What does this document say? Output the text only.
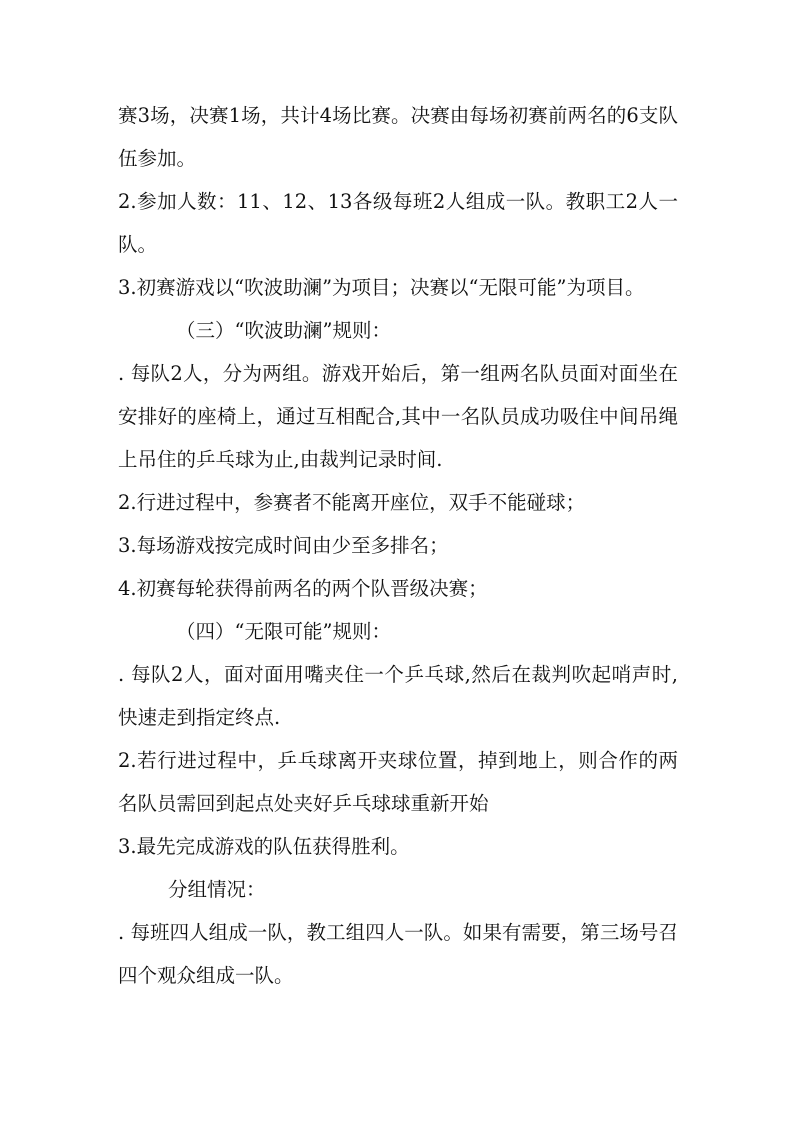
赛3场，决赛1场，共计4场比赛。决赛由每场初赛前两名的6支队伍参加。

2.参加人数：11、12、13各级每班2人组成一队。教职工2人一队。

3.初赛游戏以“吹波助澜”为项目；决赛以“无限可能”为项目。

（三）“吹波助澜”规则：

. 每队2人，分为两组。游戏开始后，第一组两名队员面对面坐在安排好的座椅上，通过互相配合,其中一名队员成功吸住中间吊绳上吊住的乒乓球为止,由裁判记录时间.

2.行进过程中，参赛者不能离开座位，双手不能碰球；

3.每场游戏按完成时间由少至多排名；

4.初赛每轮获得前两名的两个队晋级决赛；

（四）“无限可能”规则：

. 每队2人，面对面用嘴夹住一个乒乓球,然后在裁判吹起哨声时,快速走到指定终点.

2.若行进过程中，乒乓球离开夹球位置，掉到地上，则合作的两名队员需回到起点处夹好乒乓球球重新开始

3.最先完成游戏的队伍获得胜利。

分组情况：

. 每班四人组成一队，教工组四人一队。如果有需要，第三场号召四个观众组成一队。
